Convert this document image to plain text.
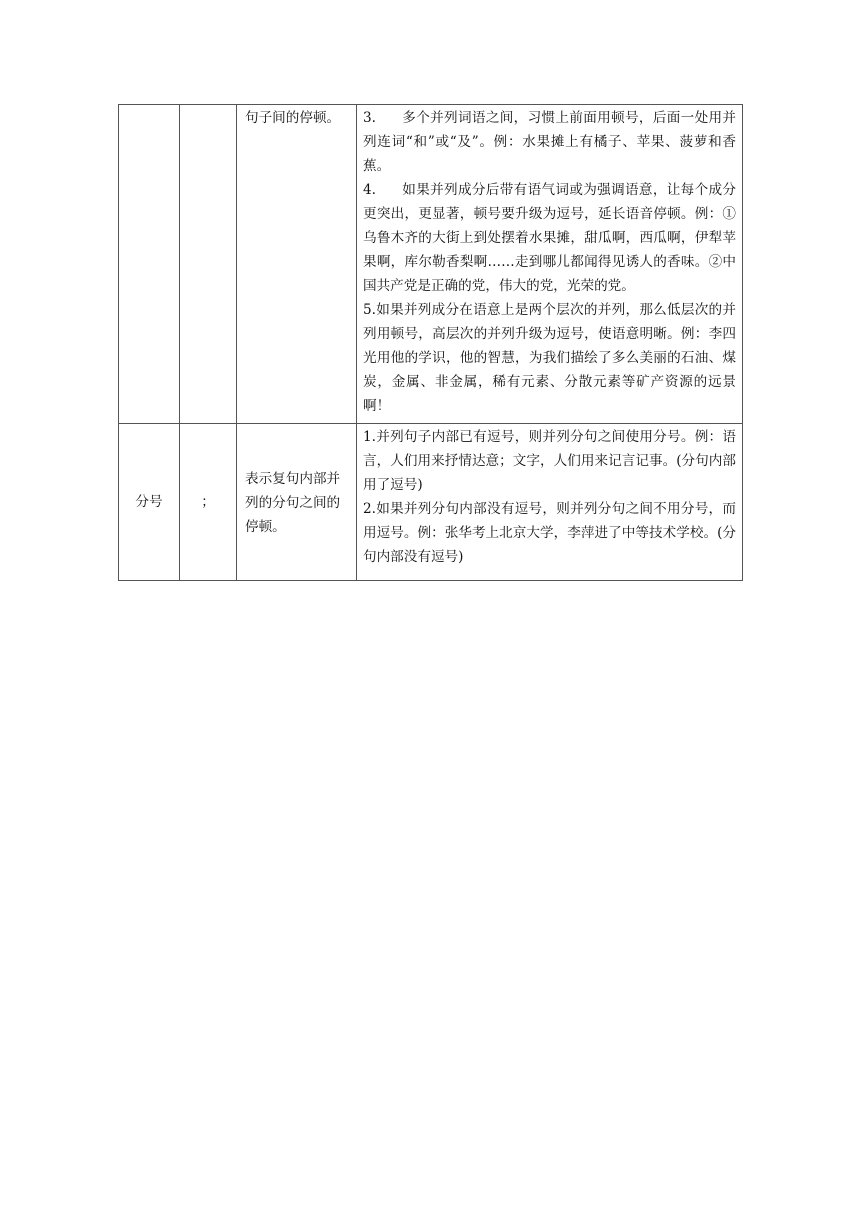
		句子间的停顿。	3. 多个并列词语之间，习惯上前面用顿号，后面一处用并列连词“和”或“及”。例：水果摊上有橘子、苹果、菠萝和香蕉。

4. 如果并列成分后带有语气词或为强调语意，让每个成分更突出，更显著，顿号要升级为逗号，延长语音停顿。例：①乌鲁木齐的大街上到处摆着水果摊，甜瓜啊，西瓜啊，伊犁苹果啊，库尔勒香梨啊……走到哪儿都闻得见诱人的香味。②中国共产党是正确的党，伟大的党，光荣的党。

5.如果并列成分在语意上是两个层次的并列，那么低层次的并列用顿号，高层次的并列升级为逗号，使语意明晰。例：李四光用他的学识，他的智慧，为我们描绘了多么美丽的石油、煤炭，金属、非金属，稀有元素、分散元素等矿产资源的远景啊！

分号	；	表示复句内部并列的分句之间的停顿。	1.并列句子内部已有逗号，则并列分句之间使用分号。例：语言，人们用来抒情达意；文字，人们用来记言记事。(分句内部用了逗号)

2.如果并列分句内部没有逗号，则并列分句之间不用分号，而用逗号。例：张华考上北京大学，李萍进了中等技术学校。(分句内部没有逗号)
